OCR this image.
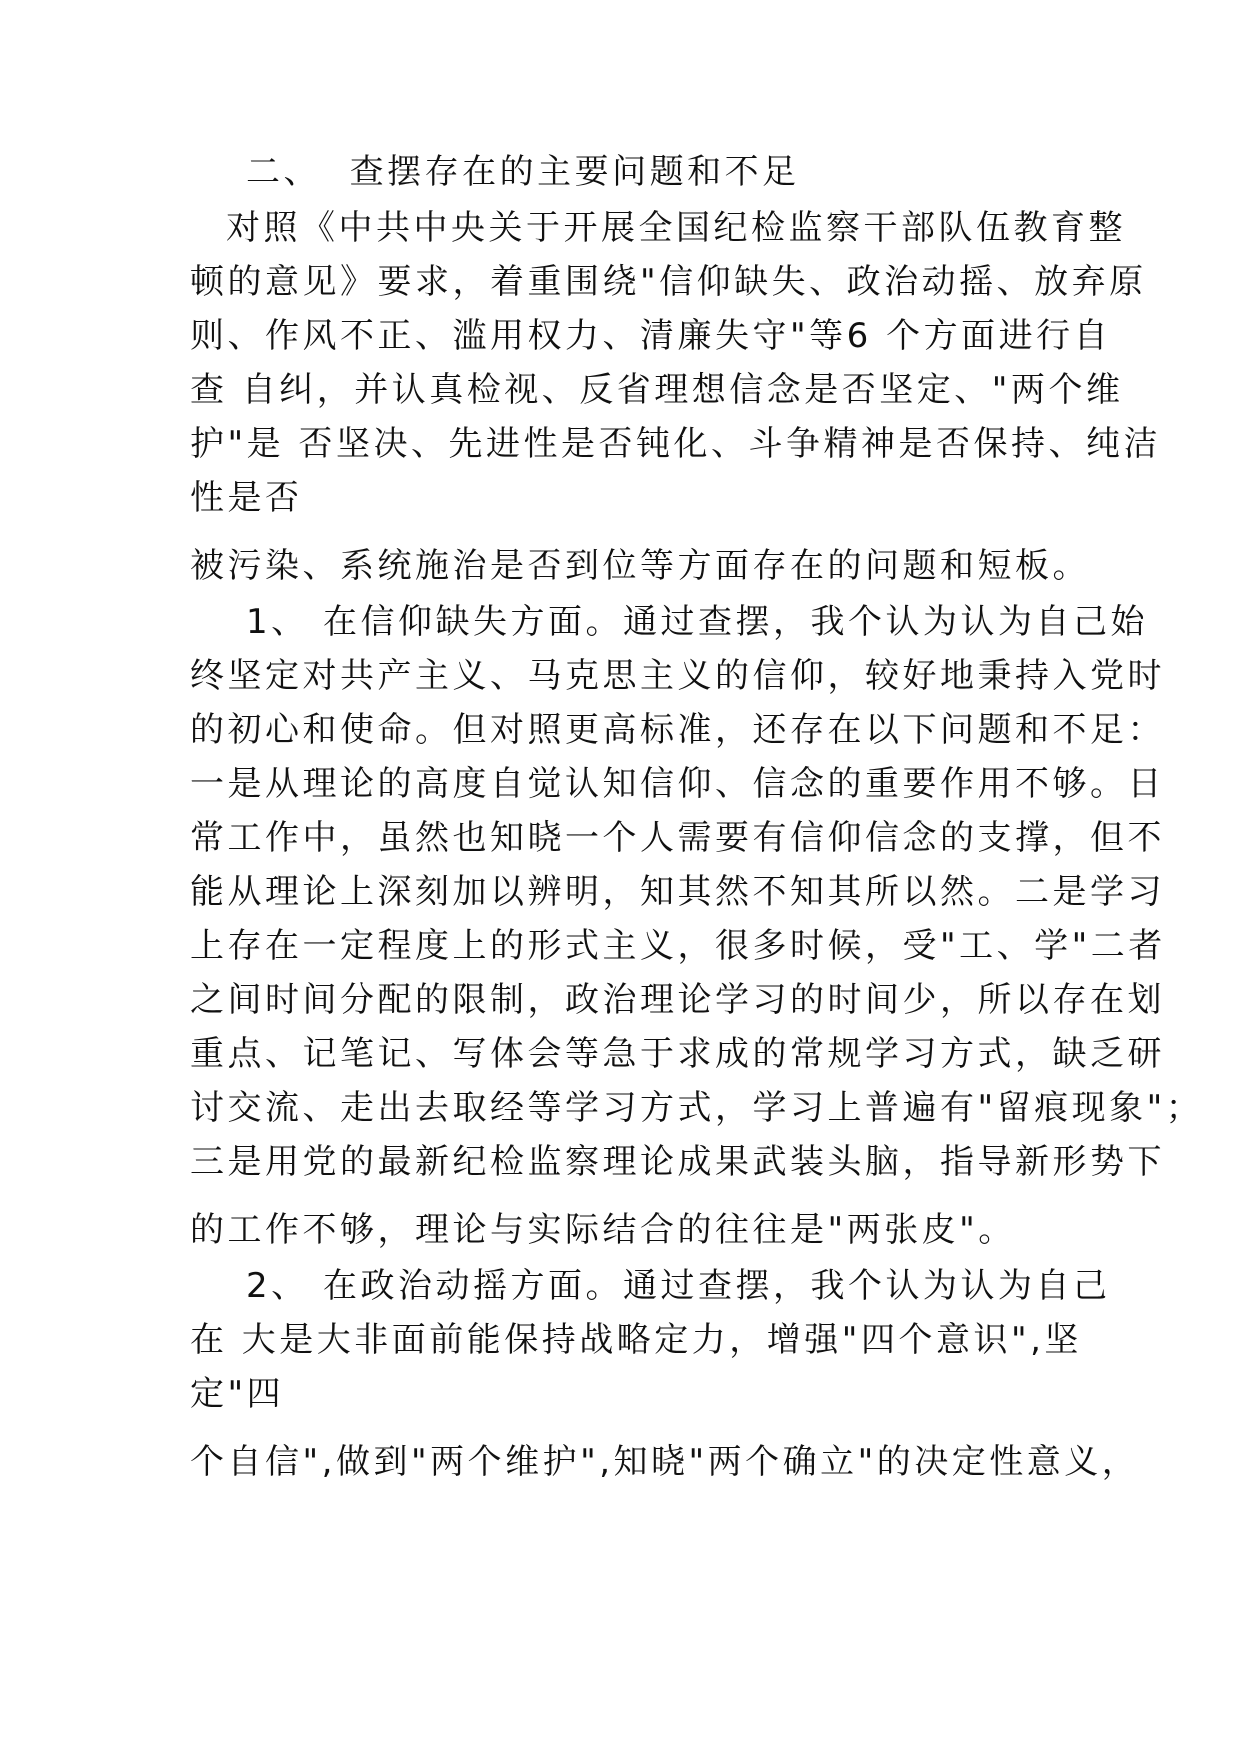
二、  查摆存在的主要问题和不足
对照《中共中央关于开展全国纪检监察干部队伍教育整
顿的意见》要求，着重围绕"信仰缺失、政治动摇、放弃原
则、作风不正、滥用权力、清廉失守"等6 个方面进行自
查 自纠，并认真检视、反省理想信念是否坚定、"两个维
护"是 否坚决、先进性是否钝化、斗争精神是否保持、纯洁
性是否
被污染、系统施治是否到位等方面存在的问题和短板。
1、 在信仰缺失方面。通过查摆，我个认为认为自己始
终坚定对共产主义、马克思主义的信仰，较好地秉持入党时
的初心和使命。但对照更高标准，还存在以下问题和不足：
一是从理论的高度自觉认知信仰、信念的重要作用不够。日
常工作中，虽然也知晓一个人需要有信仰信念的支撑，但不
能从理论上深刻加以辨明，知其然不知其所以然。二是学习
上存在一定程度上的形式主义，很多时候，受"工、学"二者
之间时间分配的限制，政治理论学习的时间少，所以存在划
重点、记笔记、写体会等急于求成的常规学习方式，缺乏研
讨交流、走出去取经等学习方式，学习上普遍有"留痕现象"；
三是用党的最新纪检监察理论成果武装头脑，指导新形势下
的工作不够，理论与实际结合的往往是"两张皮"。
2、 在政治动摇方面。通过查摆，我个认为认为自己
在 大是大非面前能保持战略定力，增强"四个意识",坚
定"四
个自信",做到"两个维护",知晓"两个确立"的决定性意义，
